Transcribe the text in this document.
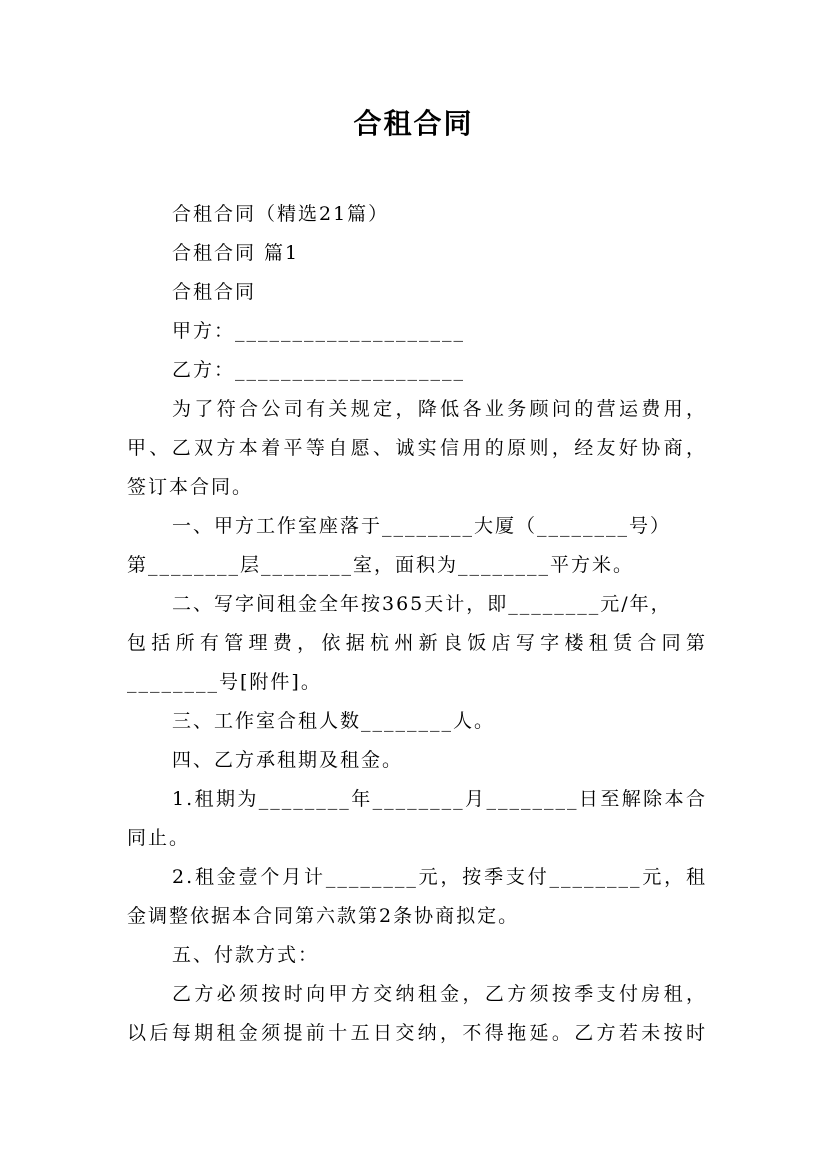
合租合同
合租合同（精选21篇）
合租合同 篇1
合租合同
甲方：____________________
乙方：____________________
为了符合公司有关规定，降低各业务顾问的营运费用，
甲、乙双方本着平等自愿、诚实信用的原则，经友好协商，
签订本合同。
一、甲方工作室座落于________大厦（________号）
第________层________室，面积为________平方米。
二、写字间租金全年按365天计，即________元/年，
包括所有管理费，依据杭州新良饭店写字楼租赁合同第
________号[附件]。
三、工作室合租人数________人。
四、乙方承租期及租金。
1.租期为________年________月________日至解除本合
同止。
2.租金壹个月计________元，按季支付________元，租
金调整依据本合同第六款第2条协商拟定。
五、付款方式：
乙方必须按时向甲方交纳租金，乙方须按季支付房租，
以后每期租金须提前十五日交纳，不得拖延。乙方若未按时
